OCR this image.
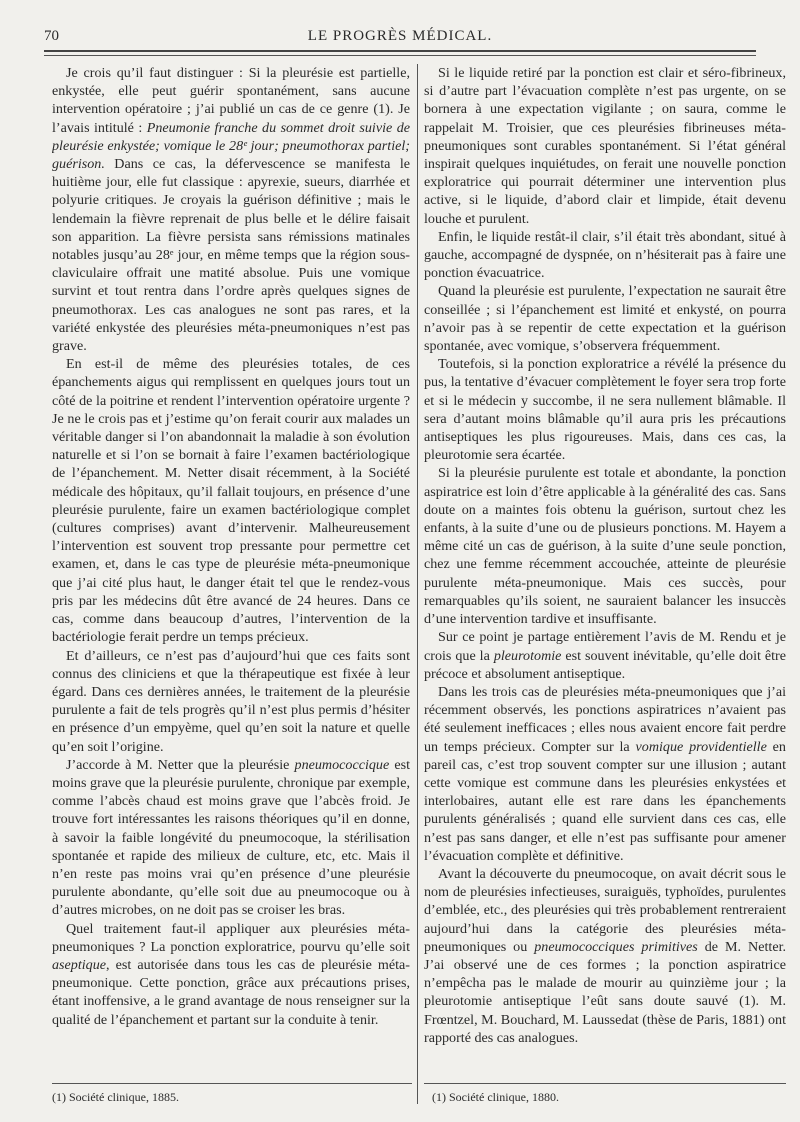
70	LE PROGRÈS MÉDICAL.

Je crois qu’il faut distinguer : Si la pleurésie est partielle, enkystée, elle peut guérir spontanément, sans aucune intervention opératoire ; j’ai publié un cas de ce genre (1). Je l’avais intitulé : Pneumonie franche du sommet droit suivie de pleurésie enkystée; vomique le 28ᵉ jour; pneumothorax partiel; guérison. Dans ce cas, la défervescence se manifesta le huitième jour, elle fut classique : apyrexie, sueurs, diarrhée et polyurie critiques. Je croyais la guérison définitive ; mais le lendemain la fièvre reprenait de plus belle et le délire faisait son apparition. La fièvre persista sans rémissions matinales notables jusqu’au 28ᵉ jour, en même temps que la région sous-claviculaire offrait une matité absolue. Puis une vomique survint et tout rentra dans l’ordre après quelques signes de pneumothorax. Les cas analogues ne sont pas rares, et la variété enkystée des pleurésies méta-pneumoniques n’est pas grave.

En est-il de même des pleurésies totales, de ces épanchements aigus qui remplissent en quelques jours tout un côté de la poitrine et rendent l’intervention opératoire urgente ? Je ne le crois pas et j’estime qu’on ferait courir aux malades un véritable danger si l’on abandonnait la maladie à son évolution naturelle et si l’on se bornait à faire l’examen bactériologique de l’épanchement. M. Netter disait récemment, à la Société médicale des hôpitaux, qu’il fallait toujours, en présence d’une pleurésie purulente, faire un examen bactériologique complet (cultures comprises) avant d’intervenir. Malheureusement l’intervention est souvent trop pressante pour permettre cet examen, et, dans le cas type de pleurésie méta-pneumonique que j’ai cité plus haut, le danger était tel que le rendez-vous pris par les médecins dût être avancé de 24 heures. Dans ce cas, comme dans beaucoup d’autres, l’intervention de la bactériologie ferait perdre un temps précieux.

Et d’ailleurs, ce n’est pas d’aujourd’hui que ces faits sont connus des cliniciens et que la thérapeutique est fixée à leur égard. Dans ces dernières années, le traitement de la pleurésie purulente a fait de tels progrès qu’il n’est plus permis d’hésiter en présence d’un empyème, quel qu’en soit la nature et quelle qu’en soit l’origine.

J’accorde à M. Netter que la pleurésie pneumococcique est moins grave que la pleurésie purulente, chronique par exemple, comme l’abcès chaud est moins grave que l’abcès froid. Je trouve fort intéressantes les raisons théoriques qu’il en donne, à savoir la faible longévité du pneumocoque, la stérilisation spontanée et rapide des milieux de culture, etc, etc. Mais il n’en reste pas moins vrai qu’en présence d’une pleurésie purulente abondante, qu’elle soit due au pneumocoque ou à d’autres microbes, on ne doit pas se croiser les bras.

Quel traitement faut-il appliquer aux pleurésies méta-pneumoniques ? La ponction exploratrice, pourvu qu’elle soit aseptique, est autorisée dans tous les cas de pleurésie méta-pneumonique. Cette ponction, grâce aux précautions prises, étant inoffensive, a le grand avantage de nous renseigner sur la qualité de l’épanchement et partant sur la conduite à tenir.

Si le liquide retiré par la ponction est clair et séro-fibrineux, si d’autre part l’évacuation complète n’est pas urgente, on se bornera à une expectation vigilante ; on saura, comme le rappelait M. Troisier, que ces pleurésies fibrineuses méta-pneumoniques sont curables spontanément. Si l’état général inspirait quelques inquiétudes, on ferait une nouvelle ponction exploratrice qui pourrait déterminer une intervention plus active, si le liquide, d’abord clair et limpide, était devenu louche et purulent.

Enfin, le liquide restât-il clair, s’il était très abondant, situé à gauche, accompagné de dyspnée, on n’hésiterait pas à faire une ponction évacuatrice.

Quand la pleurésie est purulente, l’expectation ne saurait être conseillée ; si l’épanchement est limité et enkysté, on pourra n’avoir pas à se repentir de cette expectation et la guérison spontanée, avec vomique, s’observera fréquemment.

Toutefois, si la ponction exploratrice a révélé la présence du pus, la tentative d’évacuer complètement le foyer sera trop forte et si le médecin y succombe, il ne sera nullement blâmable. Il sera d’autant moins blâmable qu’il aura pris les précautions antiseptiques les plus rigoureuses. Mais, dans ces cas, la pleurotomie sera écartée.

Si la pleurésie purulente est totale et abondante, la ponction aspiratrice est loin d’être applicable à la généralité des cas. Sans doute on a maintes fois obtenu la guérison, surtout chez les enfants, à la suite d’une ou de plusieurs ponctions. M. Hayem a même cité un cas de guérison, à la suite d’une seule ponction, chez une femme récemment accouchée, atteinte de pleurésie purulente méta-pneumonique. Mais ces succès, pour remarquables qu’ils soient, ne sauraient balancer les insuccès d’une intervention tardive et insuffisante.

Sur ce point je partage entièrement l’avis de M. Rendu et je crois que la pleurotomie est souvent inévitable, qu’elle doit être précoce et absolument antiseptique.

Dans les trois cas de pleurésies méta-pneumoniques que j’ai récemment observés, les ponctions aspiratrices n’avaient pas été seulement inefficaces ; elles nous avaient encore fait perdre un temps précieux. Compter sur la vomique providentielle en pareil cas, c’est trop souvent compter sur une illusion ; autant cette vomique est commune dans les pleurésies enkystées et interlobaires, autant elle est rare dans les épanchements purulents généralisés ; quand elle survient dans ces cas, elle n’est pas sans danger, et elle n’est pas suffisante pour amener l’évacuation complète et définitive.

Avant la découverte du pneumocoque, on avait décrit sous le nom de pleurésies infectieuses, suraiguës, typhoïdes, purulentes d’emblée, etc., des pleurésies qui très probablement rentreraient aujourd’hui dans la catégorie des pleurésies méta-pneumoniques ou pneumococciques primitives de M. Netter. J’ai observé une de ces formes ; la ponction aspiratrice n’empêcha pas le malade de mourir au quinzième jour ; la pleurotomie antiseptique l’eût sans doute sauvé (1). M. Frœntzel, M. Bouchard, M. Laussedat (thèse de Paris, 1881) ont rapporté des cas analogues.

(1) Société clinique, 1885.	(1) Société clinique, 1880.
